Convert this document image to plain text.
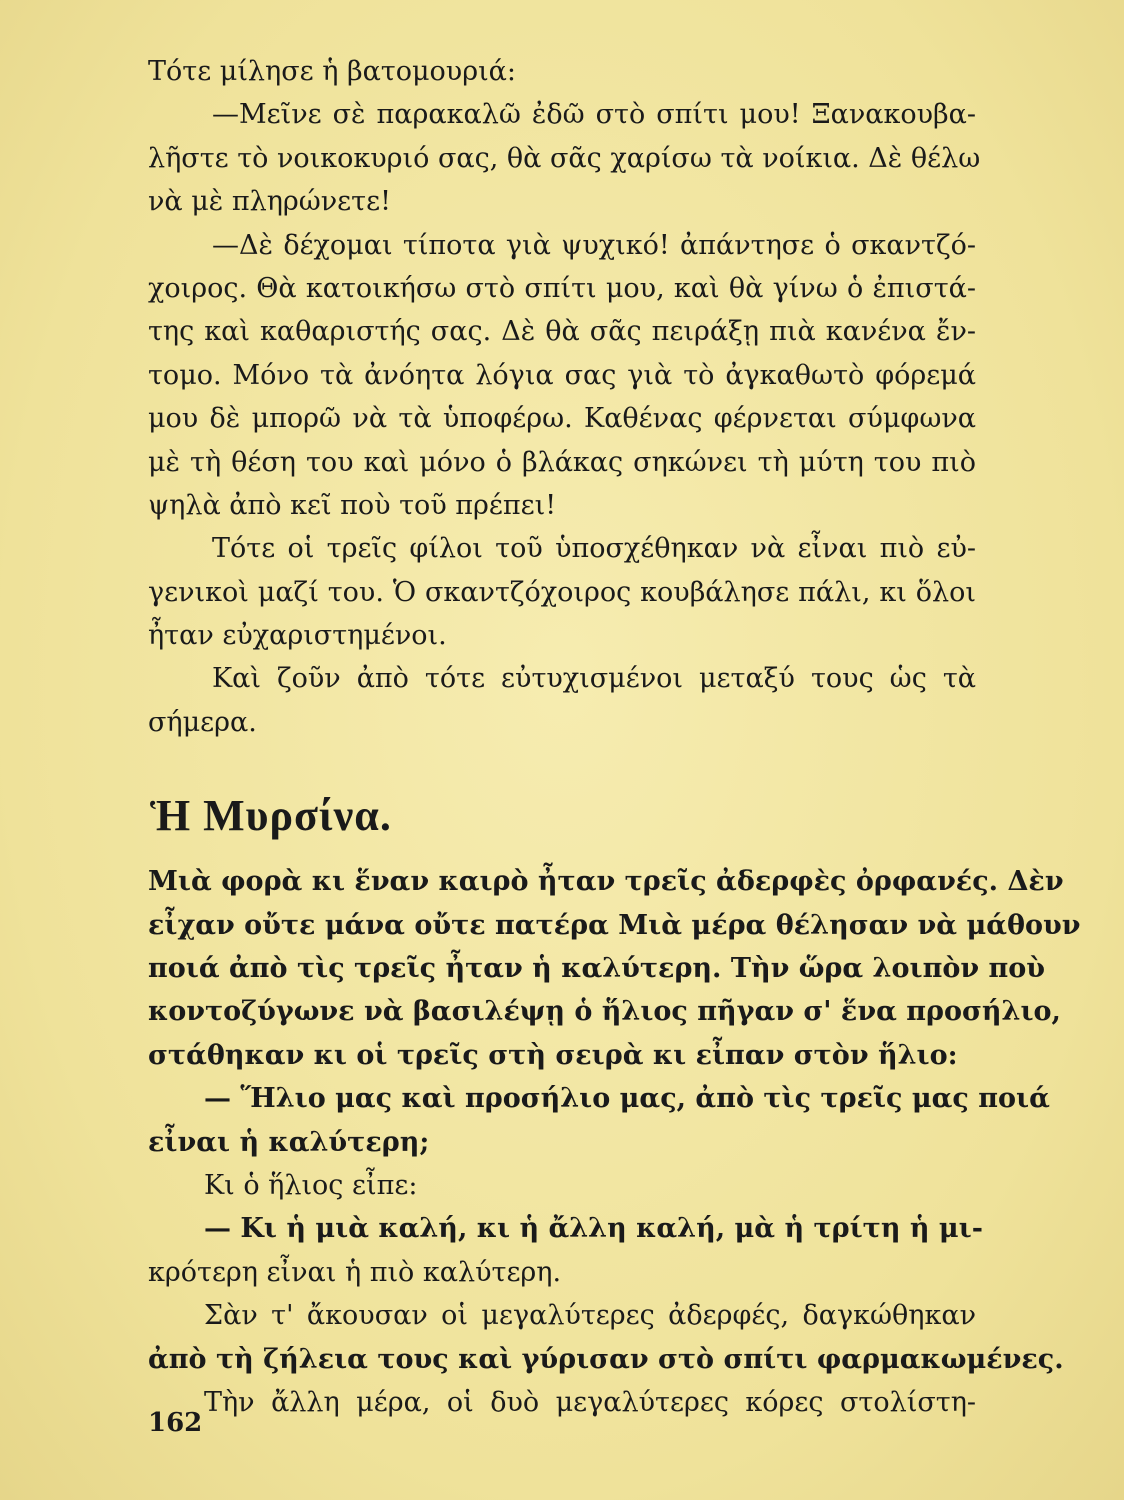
Τότε μίλησε ἡ βατομουριά:
—Μεῖνε σὲ παρακαλῶ ἐδῶ στὸ σπίτι μου! Ξανακουβα-
λῆστε τὸ νοικοκυριό σας, θὰ σᾶς χαρίσω τὰ νοίκια. Δὲ θέλω
νὰ μὲ πληρώνετε!
—Δὲ δέχομαι τίποτα γιὰ ψυχικό! ἀπάντησε ὁ σκαντζό-
χοιρος. Θὰ κατοικήσω στὸ σπίτι μου, καὶ θὰ γίνω ὁ ἐπιστά-
της καὶ καθαριστής σας. Δὲ θὰ σᾶς πειράξῃ πιὰ κανένα ἔν-
τομο. Μόνο τὰ ἀνόητα λόγια σας γιὰ τὸ ἀγκαθωτὸ φόρεμά
μου δὲ μπορῶ νὰ τὰ ὑποφέρω. Καθένας φέρνεται σύμφωνα
μὲ τὴ θέση του καὶ μόνο ὁ βλάκας σηκώνει τὴ μύτη του πιὸ
ψηλὰ ἀπὸ κεῖ ποὺ τοῦ πρέπει!
Τότε οἱ τρεῖς φίλοι τοῦ ὑποσχέθηκαν νὰ εἶναι πιὸ εὐ-
γενικοὶ μαζί του. Ὁ σκαντζόχοιρος κουβάλησε πάλι, κι ὅλοι
ἦταν εὐχαριστημένοι.
Καὶ ζοῦν ἀπὸ τότε εὐτυχισμένοι μεταξύ τους ὡς τὰ
σήμερα.
Ἡ Μυρσίνα.
Μιὰ φορὰ κι ἕναν καιρὸ ἦταν τρεῖς ἀδερφὲς ὀρφανές. Δὲν
εἶχαν οὔτε μάνα οὔτε πατέρα Μιὰ μέρα θέλησαν νὰ μάθουν
ποιά ἀπὸ τὶς τρεῖς ἦταν ἡ καλύτερη. Τὴν ὥρα λοιπὸν ποὺ
κοντοζύγωνε νὰ βασιλέψῃ ὁ ἥλιος πῆγαν σ' ἕνα προσήλιο,
στάθηκαν κι οἱ τρεῖς στὴ σειρὰ κι εἶπαν στὸν ἥλιο:
— Ἥλιο μας καὶ προσήλιο μας, ἀπὸ τὶς τρεῖς μας ποιά
εἶναι ἡ καλύτερη;
Κι ὁ ἥλιος εἶπε:
— Κι ἡ μιὰ καλή, κι ἡ ἄλλη καλή, μὰ ἡ τρίτη ἡ μι-
κρότερη εἶναι ἡ πιὸ καλύτερη.
Σὰν τ' ἄκουσαν οἱ μεγαλύτερες ἀδερφές, δαγκώθηκαν
ἀπὸ τὴ ζήλεια τους καὶ γύρισαν στὸ σπίτι φαρμακωμένες.
Τὴν ἄλλη μέρα, οἱ δυὸ μεγαλύτερες κόρες στολίστη-
162
